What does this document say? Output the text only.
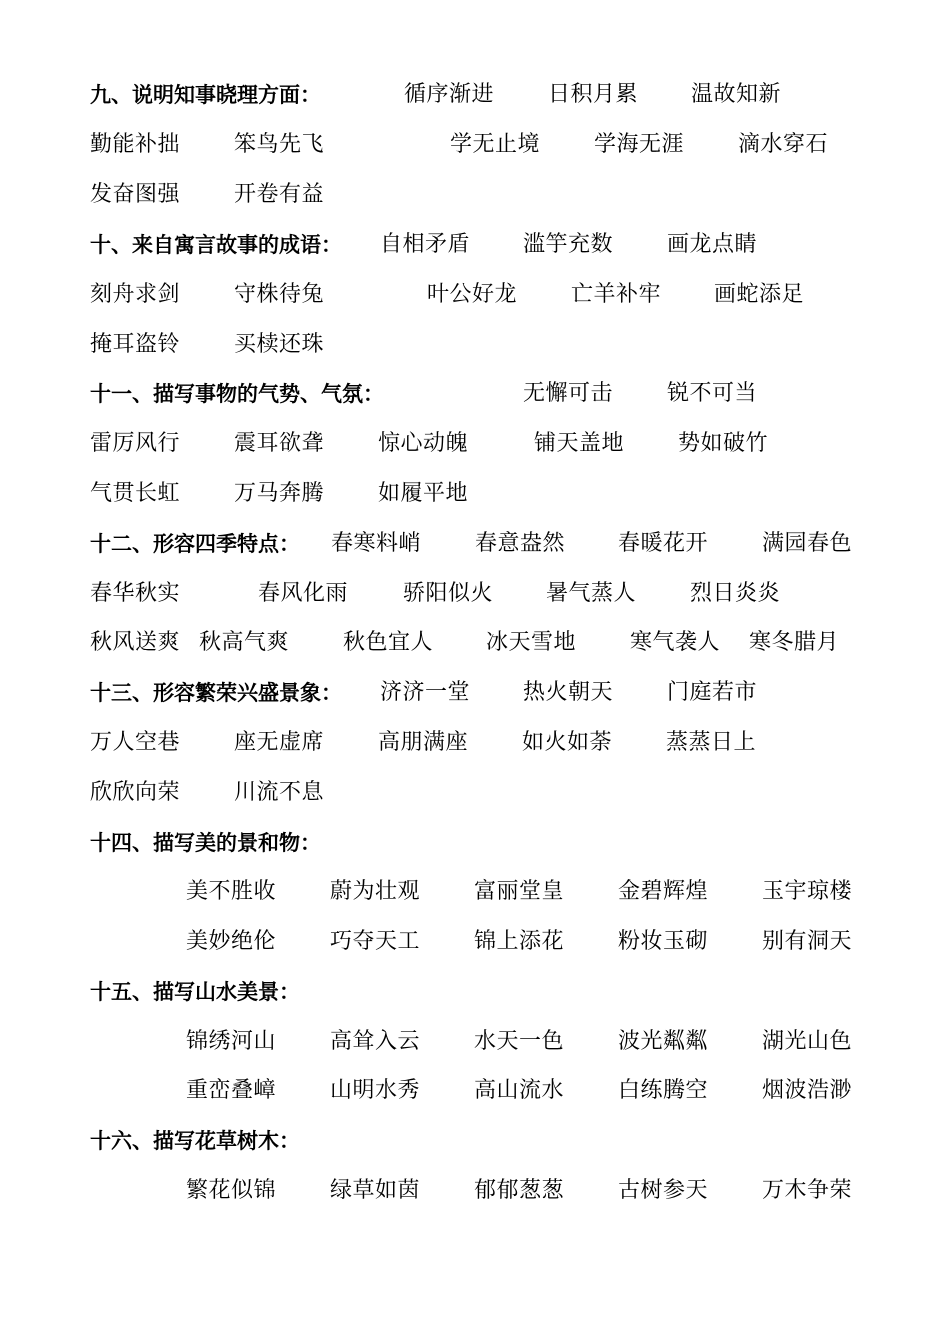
九、说明知事晓理方面：	循序渐进 日积月累 温故知新
勤能补拙 笨鸟先飞	学无止境 学海无涯 滴水穿石
发奋图强 开卷有益
十、来自寓言故事的成语： 自相矛盾 滥竽充数 画龙点睛
刻舟求剑 守株待兔	叶公好龙 亡羊补牢 画蛇添足
掩耳盗铃 买椟还珠
十一、描写事物的气势、气氛：	无懈可击 锐不可当
雷厉风行 震耳欲聋 惊心动魄	铺天盖地 势如破竹
气贯长虹 万马奔腾 如履平地
十二、形容四季特点： 春寒料峭 春意盎然 春暖花开 满园春色
春华秋实	春风化雨 骄阳似火 暑气蒸人 烈日炎炎
秋风送爽 秋高气爽 秋色宜人 冰天雪地 寒气袭人 寒冬腊月
十三、形容繁荣兴盛景象： 济济一堂 热火朝天 门庭若市
万人空巷 座无虚席 高朋满座 如火如荼 蒸蒸日上
欣欣向荣 川流不息
十四、描写美的景和物：
美不胜收 蔚为壮观 富丽堂皇 金碧辉煌 玉宇琼楼
美妙绝伦 巧夺天工 锦上添花 粉妆玉砌 别有洞天
十五、描写山水美景：
锦绣河山 高耸入云 水天一色 波光粼粼 湖光山色
重峦叠嶂 山明水秀 高山流水 白练腾空 烟波浩渺
十六、描写花草树木：
繁花似锦 绿草如茵 郁郁葱葱 古树参天 万木争荣
